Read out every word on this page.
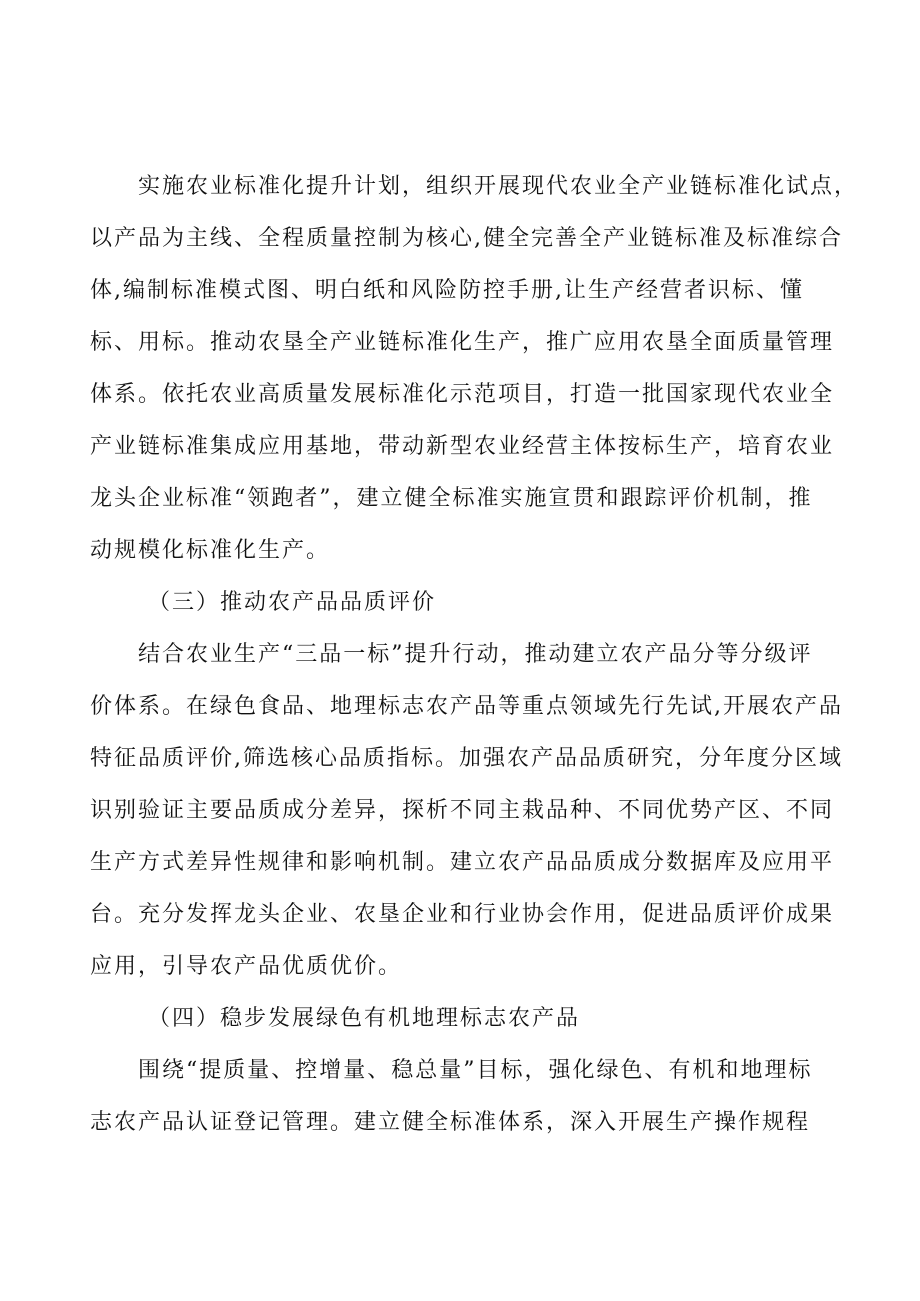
实施农业标准化提升计划，组织开展现代农业全产业链标准化试点，
以产品为主线、全程质量控制为核心,健全完善全产业链标准及标准综合
体,编制标准模式图、明白纸和风险防控手册,让生产经营者识标、懂
标、用标。推动农垦全产业链标准化生产，推广应用农垦全面质量管理
体系。依托农业高质量发展标准化示范项目，打造一批国家现代农业全
产业链标准集成应用基地，带动新型农业经营主体按标生产，培育农业
龙头企业标准“领跑者”，建立健全标准实施宣贯和跟踪评价机制，推
动规模化标准化生产。
（三）推动农产品品质评价
结合农业生产“三品一标”提升行动，推动建立农产品分等分级评
价体系。在绿色食品、地理标志农产品等重点领域先行先试,开展农产品
特征品质评价,筛选核心品质指标。加强农产品品质研究，分年度分区域
识别验证主要品质成分差异，探析不同主栽品种、不同优势产区、不同
生产方式差异性规律和影响机制。建立农产品品质成分数据库及应用平
台。充分发挥龙头企业、农垦企业和行业协会作用，促进品质评价成果
应用，引导农产品优质优价。
（四）稳步发展绿色有机地理标志农产品
围绕“提质量、控增量、稳总量”目标，强化绿色、有机和地理标
志农产品认证登记管理。建立健全标准体系，深入开展生产操作规程
